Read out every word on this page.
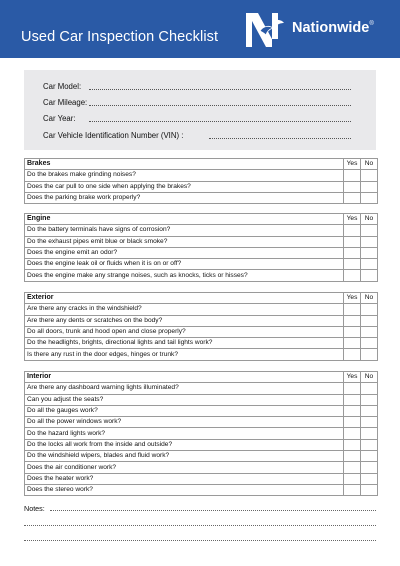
Used Car Inspection Checklist
Nationwide®
Car Model:
Car Mileage:
Car Year:
Car Vehicle Identification Number (VIN) :
Brakes	Yes	No
Do the brakes make grinding noises?		
Does the car pull to one side when applying the brakes?		
Does the parking brake work properly?		
Engine	Yes	No
Do the battery terminals have signs of corrosion?		
Do the exhaust pipes emit blue or black smoke?		
Does the engine emit an odor?		
Does the engine leak oil or fluids when it is on or off?		
Does the engine make any strange noises, such as knocks, ticks or hisses?		
Exterior	Yes	No
Are there any cracks in the windshield?		
Are there any dents or scratches on the body?		
Do all doors, trunk and hood open and close properly?		
Do the headlights, brights, directional lights and tail lights work?		
Is there any rust in the door edges, hinges or trunk?		
Interior	Yes	No
Are there any dashboard warning lights illuminated?		
Can you adjust the seats?		
Do all the gauges work?		
Do all the power windows work?		
Do the hazard lights work?		
Do the locks all work from the inside and outside?		
Do the windshield wipers, blades and fluid work?		
Does the air conditioner work?		
Does the heater work?		
Does the stereo work?		
Notes:
